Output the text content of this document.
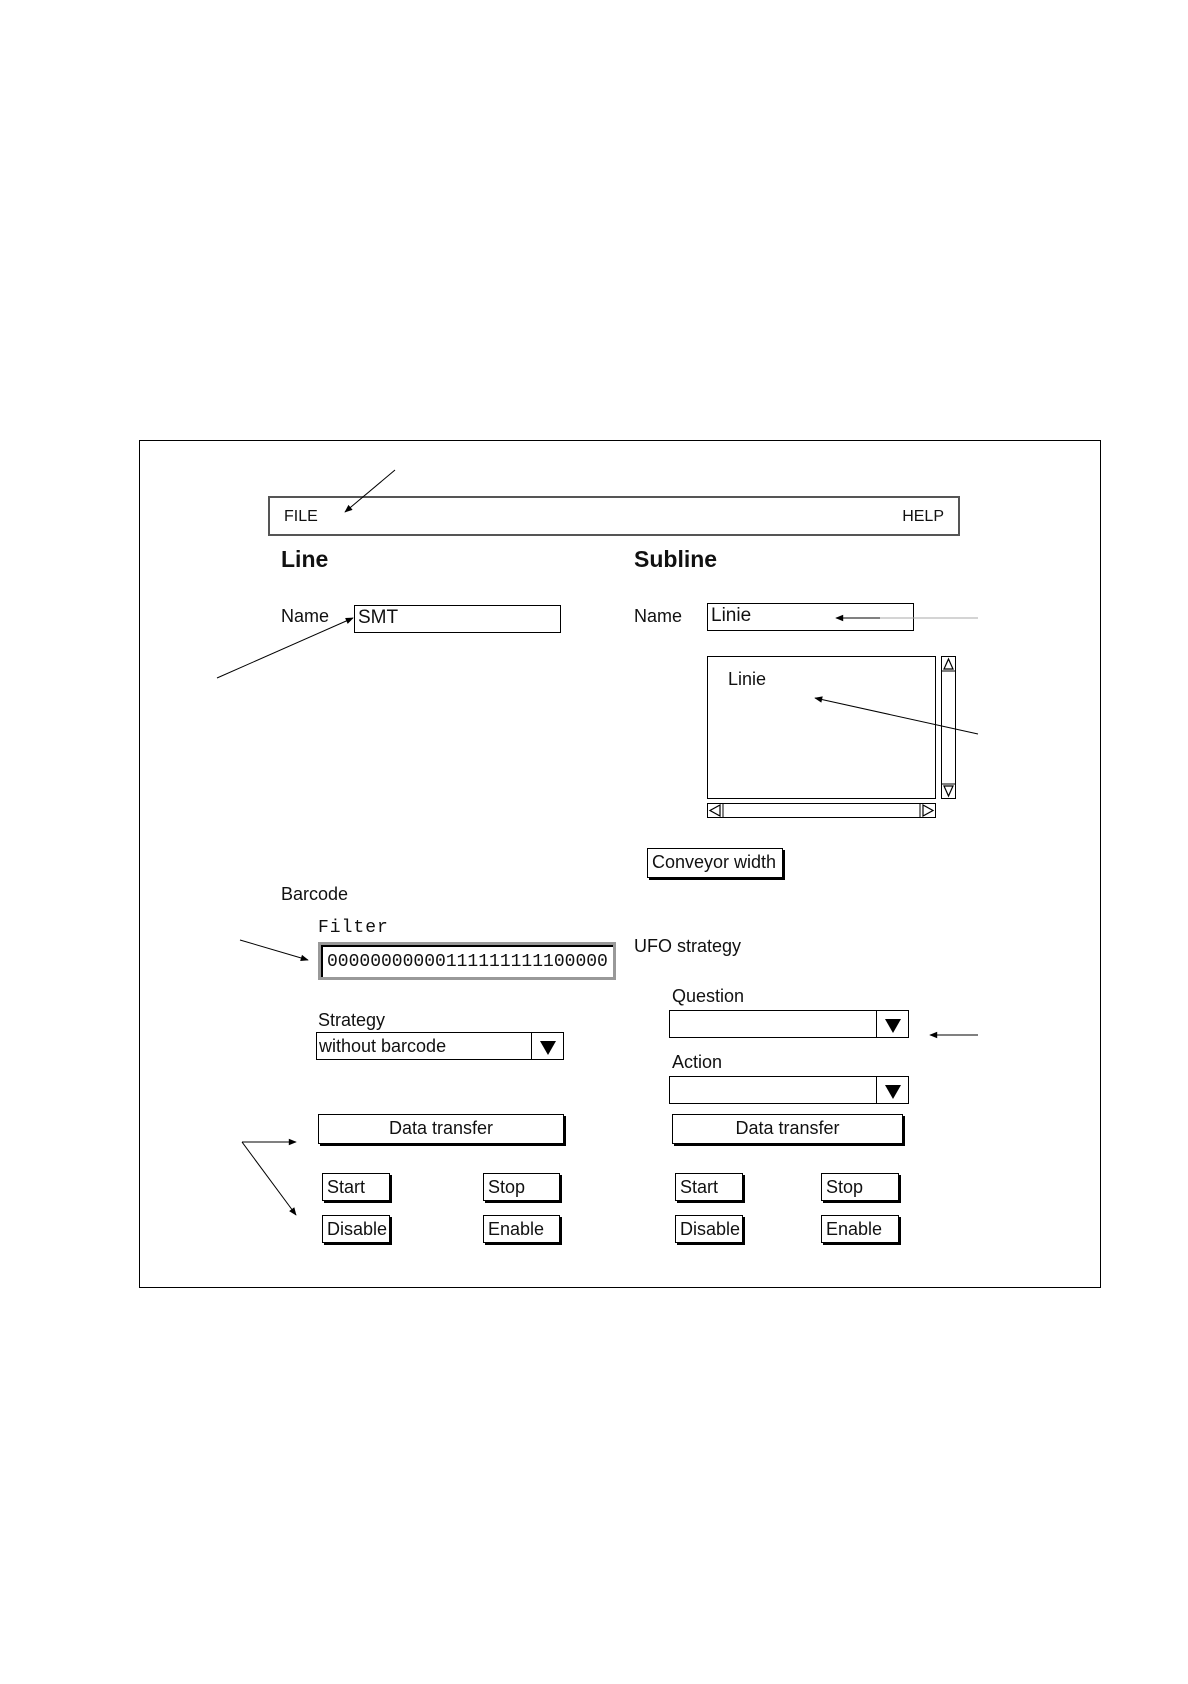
FILE	HELP
Line
Name SMT
Barcode
Filter
00000000000111111111100000
Strategy
without barcode
Data transfer
Start	Stop
Disable	Enable
Subline
Name Linie
Linie
Conveyor width
UFO strategy
Question
Action
Data transfer
Start	Stop
Disable	Enable
